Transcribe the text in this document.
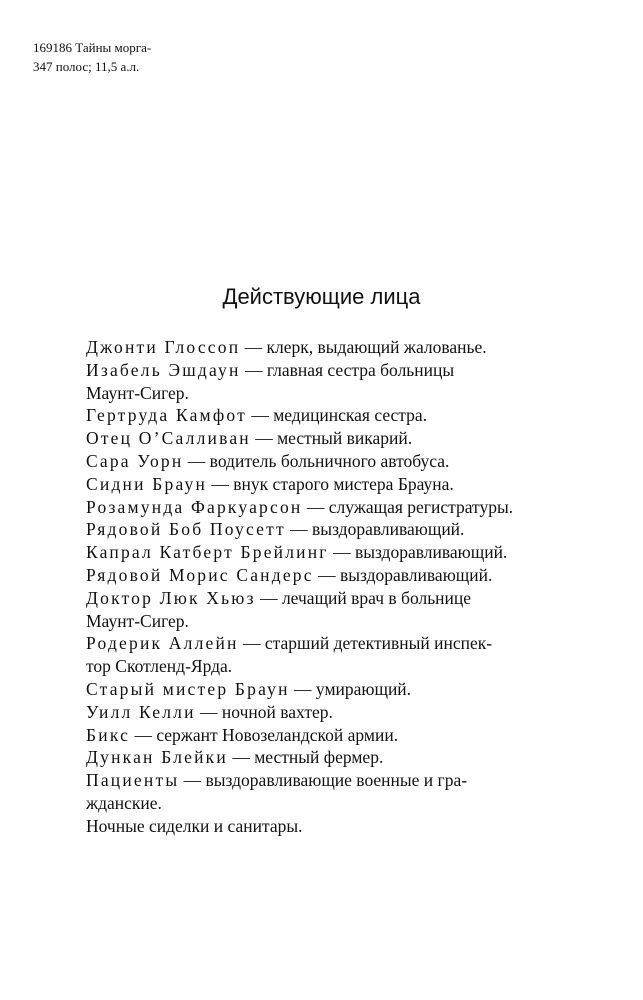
169186 Тайны морга-
347 полос; 11,5 а.л.
Действующие лица
Джонти Глоссоп — клерк, выдающий жалованье.
Изабель Эшдаун — главная сестра больницы
Маунт-Сигер.
Гертруда Камфот — медицинская сестра.
Отец О’Салливан — местный викарий.
Сара Уорн — водитель больничного автобуса.
Сидни Браун — внук старого мистера Брауна.
Розамунда Фаркуарсон — служащая регистратуры.
Рядовой Боб Поусетт — выздоравливающий.
Капрал Катберт Брейлинг — выздоравливающий.
Рядовой Морис Сандерс — выздоравливающий.
Доктор Люк Хьюз — лечащий врач в больнице
Маунт-Сигер.
Родерик Аллейн — старший детективный инспек-
тор Скотленд-Ярда.
Старый мистер Браун — умирающий.
Уилл Келли — ночной вахтер.
Бикс — сержант Новозеландской армии.
Дункан Блейки — местный фермер.
Пациенты — выздоравливающие военные и гра-
жданские.
Ночные сиделки и санитары.
